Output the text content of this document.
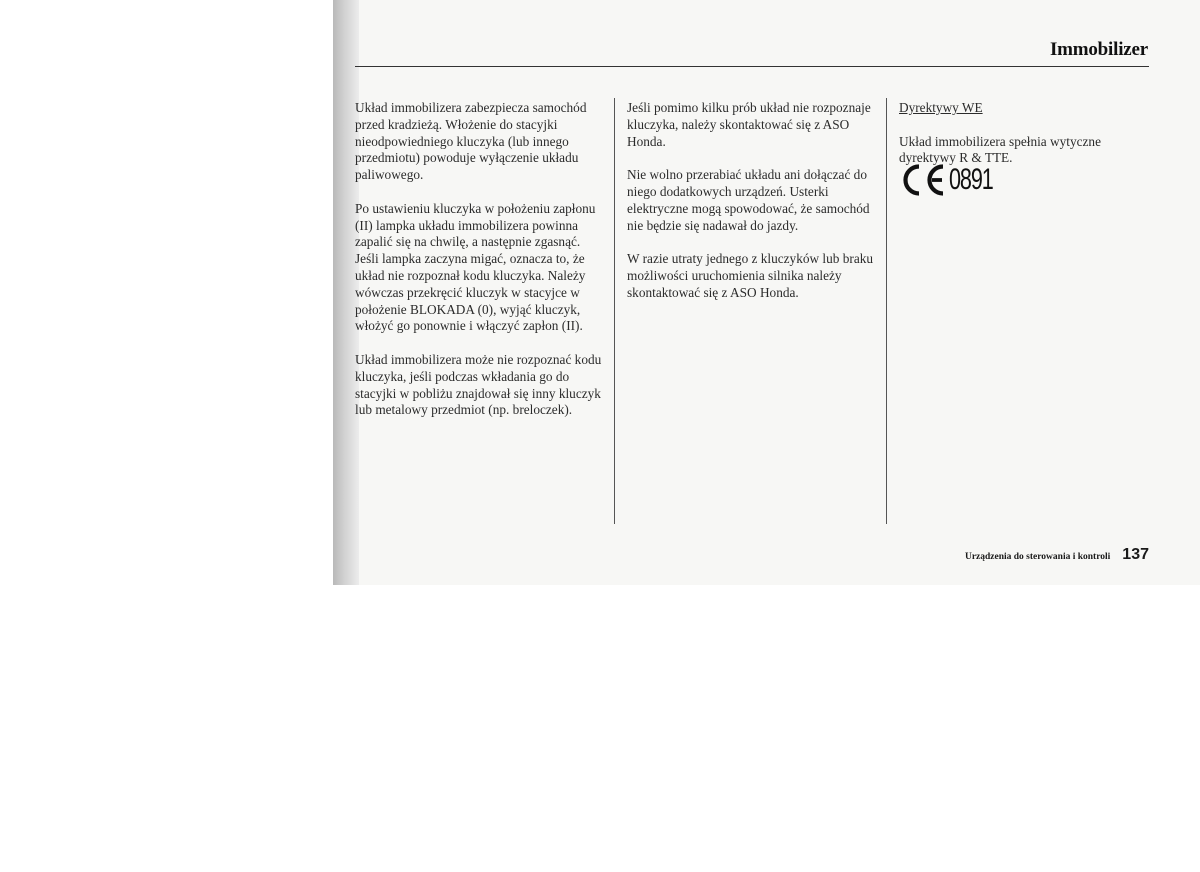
Immobilizer

Układ immobilizera zabezpiecza samochód przed kradzieżą. Włożenie do stacyjki nieodpowiedniego kluczyka (lub innego przedmiotu) powoduje wyłączenie układu paliwowego.

Po ustawieniu kluczyka w położeniu zapłonu (II) lampka układu immobilizera powinna zapalić się na chwilę, a następnie zgasnąć. Jeśli lampka zaczyna migać, oznacza to, że układ nie rozpoznał kodu kluczyka. Należy wówczas przekręcić kluczyk w stacyjce w położenie BLOKADA (0), wyjąć kluczyk, włożyć go ponownie i włączyć zapłon (II).

Układ immobilizera może nie rozpoznać kodu kluczyka, jeśli podczas wkładania go do stacyjki w pobliżu znajdował się inny kluczyk lub metalowy przedmiot (np. breloczek).

Jeśli pomimo kilku prób układ nie rozpoznaje kluczyka, należy skontaktować się z ASO Honda.

Nie wolno przerabiać układu ani dołączać do niego dodatkowych urządzeń. Usterki elektryczne mogą spowodować, że samochód nie będzie się nadawał do jazdy.

W razie utraty jednego z kluczyków lub braku możliwości uruchomienia silnika należy skontaktować się z ASO Honda.

Dyrektywy WE

Układ immobilizera spełnia wytyczne dyrektywy R & TTE.

0891
Urządzenia do sterowania i kontroli 137
